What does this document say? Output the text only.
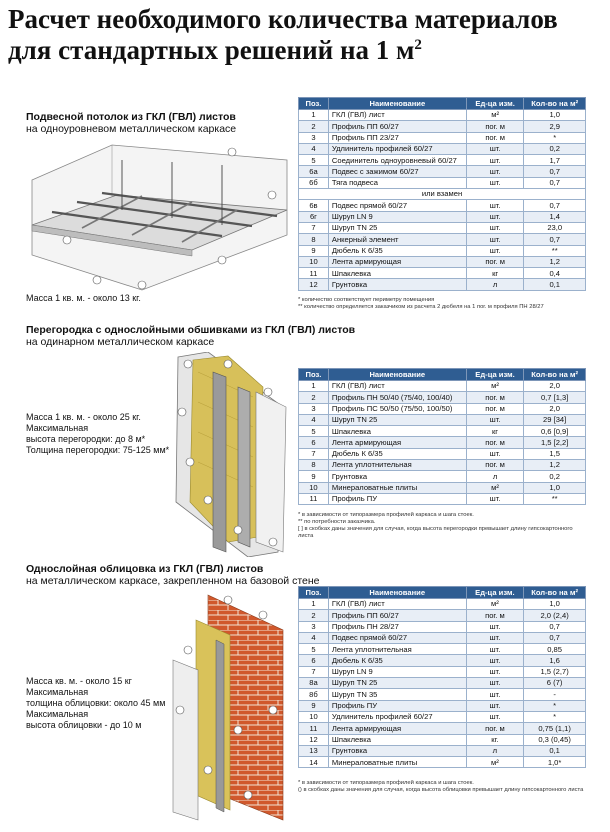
Расчет необходимого количества материалов для стандартных решений на 1 $м^2$
Подвесной потолок из ГКЛ (ГВЛ) листов
на одноуровневом металлическом каркасе
Масса 1 кв. м. - около 13 кг.
Поз.	Наименование	Ед-ца изм.	Кол-во на м²
1	ГКЛ (ГВЛ) лист	м²	1,0
2	Профиль ПП 60/27	пог. м	2,9
3	Профиль ПП 23/27	пог. м	*
4	Удлинитель профилей 60/27	шт.	0,2
5	Соединитель одноуровневый 60/27	шт.	1,7
6а	Подвес с зажимом 60/27	шт.	0,7
6б	Тяга подвеса	шт.	0,7
или взамен			
6в	Подвес прямой 60/27	шт.	0,7
6г	Шуруп LN 9	шт.	1,4
7	Шуруп TN 25	шт.	23,0
8	Анкерный элемент	шт.	0,7
9	Дюбель К 6/35	шт.	**
10	Лента армирующая	пог. м	1,2
11	Шпаклевка	кг	0,4
12	Грунтовка	л	0,1
* количество соответствует периметру помещения
** количество определяется заказчиком из расчета 2 дюбеля на 1 пог. м профиля ПН 28/27
Перегородка с однослойными обшивками из ГКЛ (ГВЛ) листов
на одинарном металлическом каркасе
Масса 1 кв. м. - около 25 кг.
Максимальная
высота перегородки: до 8 м*
Толщина перегородки: 75-125 мм*
Поз.	Наименование	Ед-ца изм.	Кол-во на м²
1	ГКЛ (ГВЛ) лист	м²	2,0
2	Профиль ПН 50/40 (75/40, 100/40)	пог. м	0,7 [1,3]
3	Профиль ПС 50/50 (75/50, 100/50)	пог. м	2,0
4	Шуруп TN 25	шт.	29 [34]
5	Шпаклевка	кг	0,6 [0,9]
6	Лента армирующая	пог. м	1,5 [2,2]
7	Дюбель К 6/35	шт.	1,5
8	Лента уплотнительная	пог. м	1,2
9	Грунтовка	л	0,2
10	Минераловатные плиты	м²	1,0
11	Профиль ПУ	шт.	**
* в зависимости от типоразмера профилей каркаса и шага стоек.
** по потребности заказчика.
[ ] в скобках даны значения для случая, когда высота перегородки превышает длину гипсокартонного листа
Однослойная облицовка из ГКЛ (ГВЛ) листов
на металлическом каркасе, закрепленном на базовой стене
Масса кв. м. - около 15 кг
Максимальная
толщина облицовки: около 45 мм
Максимальная
высота облицовки - до 10 м
Поз.	Наименование	Ед-ца изм.	Кол-во на м²
1	ГКЛ (ГВЛ) лист	м²	1,0
2	Профиль ПП 60/27	пог. м	2,0 (2,4)
3	Профиль ПН 28/27	шт.	0,7
4	Подвес прямой 60/27	шт.	0,7
5	Лента уплотнительная	шт.	0,85
6	Дюбель К 6/35	шт.	1,6
7	Шуруп LN 9	шт.	1,5 (2,7)
8а	Шуруп TN 25	шт.	6 (7)
8б	Шуруп TN 35	шт.	-
9	Профиль ПУ	шт.	*
10	Удлинитель профилей 60/27	шт.	*
11	Лента армирующая	пог. м	0,75 (1,1)
12	Шпаклевка	кг.	0,3 (0,45)
13	Грунтовка	л	0,1
14	Минераловатные плиты	м²	1,0*
* в зависимости от типоразмера профилей каркаса и шага стоек.
() в скобках даны значения для случая, когда высота облицовки превышает длину гипсокартонного листа
